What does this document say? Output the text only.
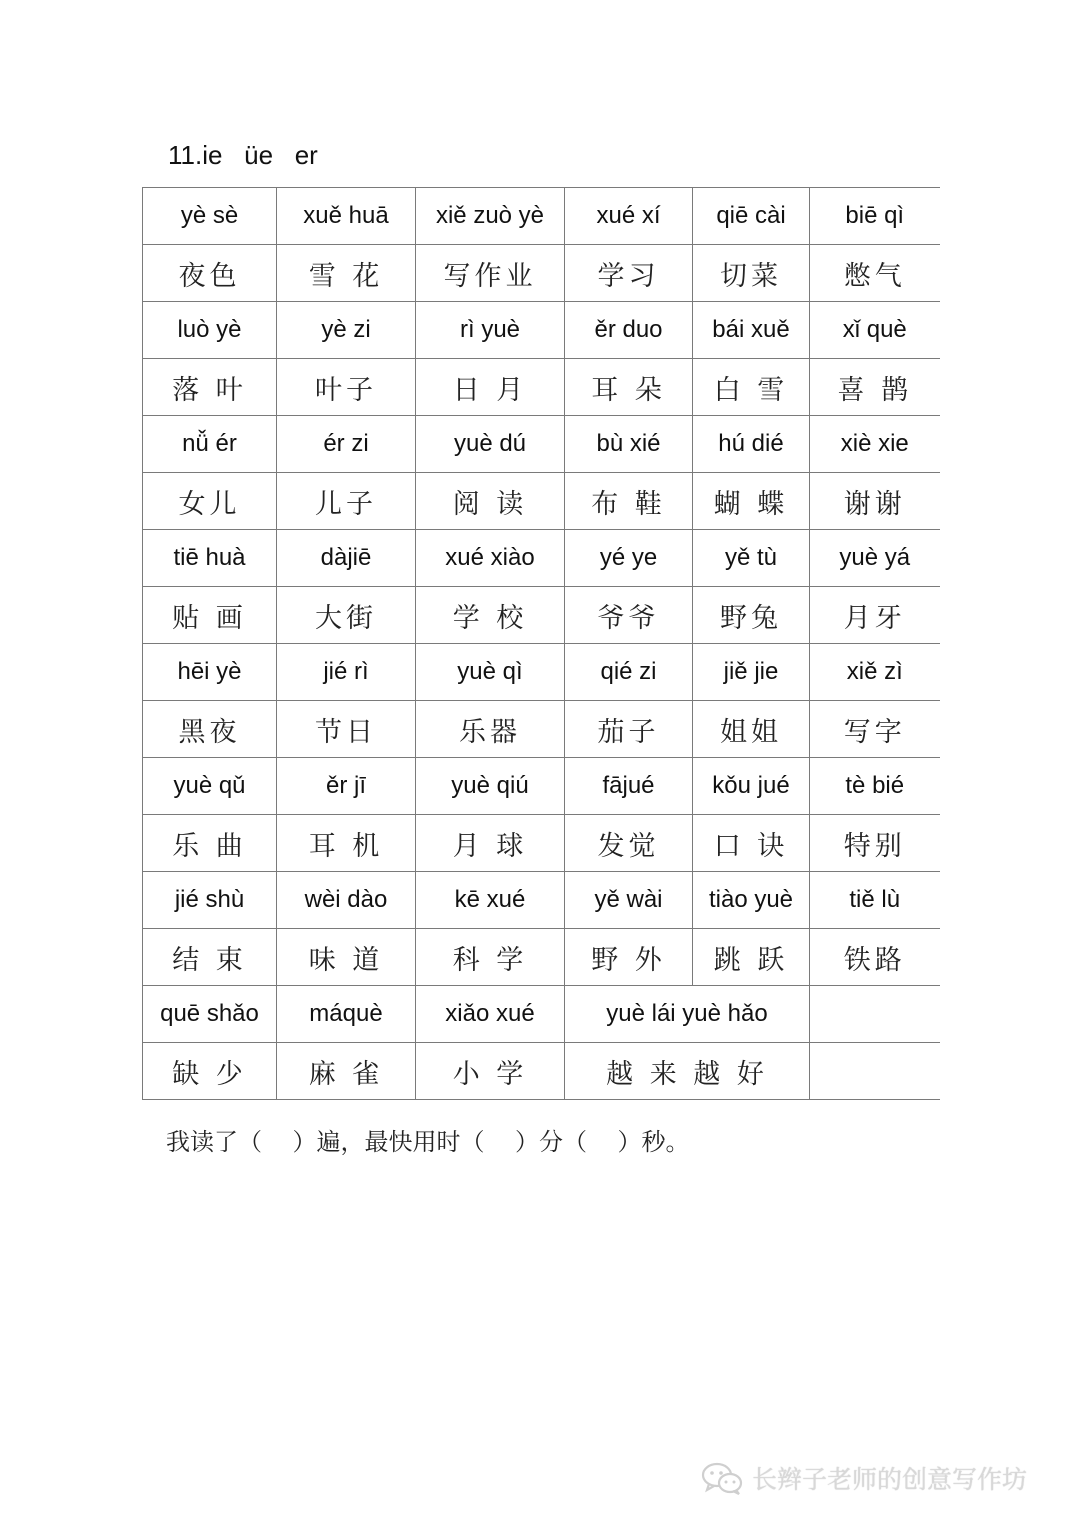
11.ie   üe   er
yè sè	xuě huā	xiě zuò yè	xué xí	qiē cài	biē qì
夜色	雪 花	写作业	学习	切菜	憋气
luò yè	yè zi	rì yuè	ěr duo	bái xuě	xǐ què
落 叶	叶子	日 月	耳 朵	白 雪	喜 鹊
nǚ ér	ér zi	yuè dú	bù xié	hú dié	xiè xie
女儿	儿子	阅 读	布 鞋	蝴 蝶	谢谢
tiē huà	dàjiē	xué xiào	yé ye	yě tù	yuè yá
贴 画	大街	学 校	爷爷	野兔	月牙
hēi yè	jié rì	yuè qì	qié zi	jiě jie	xiě zì
黑夜	节日	乐器	茄子	姐姐	写字
yuè qǔ	ěr jī	yuè qiú	fājué	kǒu jué	tè bié
乐 曲	耳 机	月 球	发觉	口 诀	特别
jié shù	wèi dào	kē xué	yě wài	tiào yuè	tiě lù
结 束	味 道	科 学	野 外	跳 跃	铁路
quē shǎo	máquè	xiǎo xué	yuè lái yuè hǎo		
缺 少	麻 雀	小 学	越 来 越 好		
我读了（    ）遍，最快用时（    ）分（    ）秒。
长辫子老师的创意写作坊
